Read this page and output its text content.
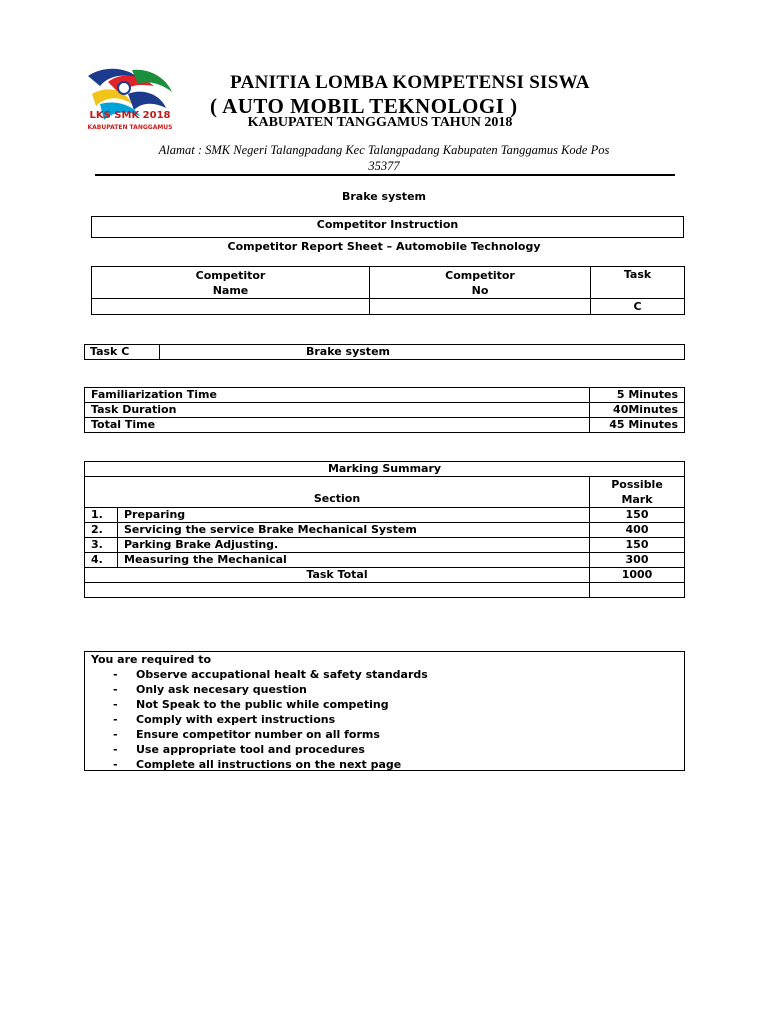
LKS SMK 2018
KABUPATEN TANGGAMUS
PANITIA LOMBA KOMPETENSI SISWA
( AUTO MOBIL TEKNOLOGI )
KABUPATEN TANGGAMUS TAHUN 2018
Alamat : SMK Negeri Talangpadang Kec Talangpadang Kabupaten Tanggamus Kode Pos
35377
Brake system
Competitor Instruction
Competitor Report Sheet – Automobile Technology
Competitor Name	Competitor No	Task
		C
Task C	Brake system
Familiarization Time	5 Minutes
Task Duration	40Minutes
Total Time	45 Minutes
Marking Summary		
Section		Possible Mark
1.	Preparing	150
2.	Servicing the service Brake Mechanical System	400
3.	Parking Brake Adjusting.	150
4.	Measuring the Mechanical	300
Task Total		1000

You are required to
- Observe accupational healt & safety standards
- Only ask necesary question
- Not Speak to the public while competing
- Comply with expert instructions
- Ensure competitor number on all forms
- Use appropriate tool and procedures
- Complete all instructions on the next page
